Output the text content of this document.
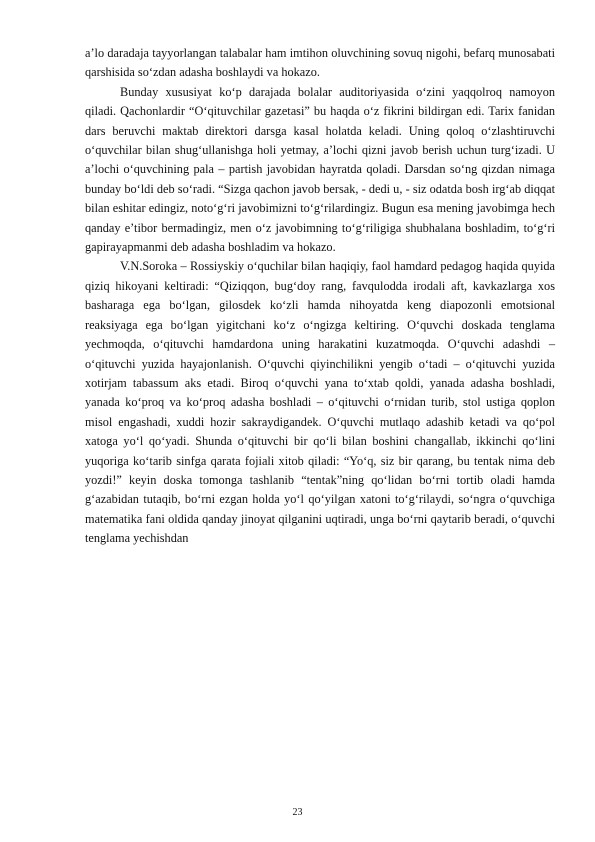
a’lo daradaja tayyorlangan talabalar ham imtihon oluvchining sovuq nigohi, befarq munosabati qarshisida so‘zdan adasha boshlaydi va hokazo.

Bunday xususiyat ko‘p darajada bolalar auditoriyasida o‘zini yaqqolroq namoyon qiladi. Qachonlardir “O‘qituvchilar gazetasi” bu haqda o‘z fikrini bildirgan edi. Tarix fanidan dars beruvchi maktab direktori darsga kasal holatda keladi. Uning qoloq o‘zlashtiruvchi o‘quvchilar bilan shug‘ullanishga holi yetmay, a’lochi qizni javob berish uchun turg‘izadi. U a’lochi o‘quvchining pala – partish javobidan hayratda qoladi. Darsdan so‘ng qizdan nimaga bunday bo‘ldi deb so‘radi. “Sizga qachon javob bersak, - dedi u, - siz odatda bosh irg‘ab diqqat bilan eshitar edingiz, noto‘g‘ri javobimizni to‘g‘rilardingiz. Bugun esa mening javobimga hech qanday e’tibor bermadingiz, men o‘z javobimning to‘g‘riligiga shubhalana boshladim, to‘g‘ri gapirayapmanmi deb adasha boshladim va hokazo.

V.N.Soroka – Rossiyskiy o‘quchilar bilan haqiqiy, faol hamdard pedagog haqida quyida qiziq hikoyani keltiradi: “Qiziqqon, bug‘doy rang, favqulodda irodali aft, kavkazlarga xos basharaga ega bo‘lgan, gilosdek ko‘zli hamda nihoyatda keng diapozonli emotsional reaksiyaga ega bo‘lgan yigitchani ko‘z o‘ngizga keltiring. O‘quvchi doskada tenglama yechmoqda, o‘qituvchi hamdardona uning harakatini kuzatmoqda. O‘quvchi adashdi – o‘qituvchi yuzida hayajonlanish. O‘quvchi qiyinchilikni yengib o‘tadi – o‘qituvchi yuzida xotirjam tabassum aks etadi. Biroq o‘quvchi yana to‘xtab qoldi, yanada adasha boshladi, yanada ko‘proq va ko‘proq adasha boshladi – o‘qituvchi o‘rnidan turib, stol ustiga qoplon misol engashadi, xuddi hozir sakraydigandek. O‘quvchi mutlaqo adashib ketadi va qo‘pol xatoga yo‘l qo‘yadi. Shunda o‘qituvchi bir qo‘li bilan boshini changallab, ikkinchi qo‘lini yuqoriga ko‘tarib sinfga qarata fojiali xitob qiladi: “Yo‘q, siz bir qarang, bu tentak nima deb yozdi!” keyin doska tomonga tashlanib “tentak”ning qo‘lidan bo‘rni tortib oladi hamda g‘azabidan tutaqib, bo‘rni ezgan holda yo‘l qo‘yilgan xatoni to‘g‘rilaydi, so‘ngra o‘quvchiga matematika fani oldida qanday jinoyat qilganini uqtiradi, unga bo‘rni qaytarib beradi, o‘quvchi tenglama yechishdan

23
